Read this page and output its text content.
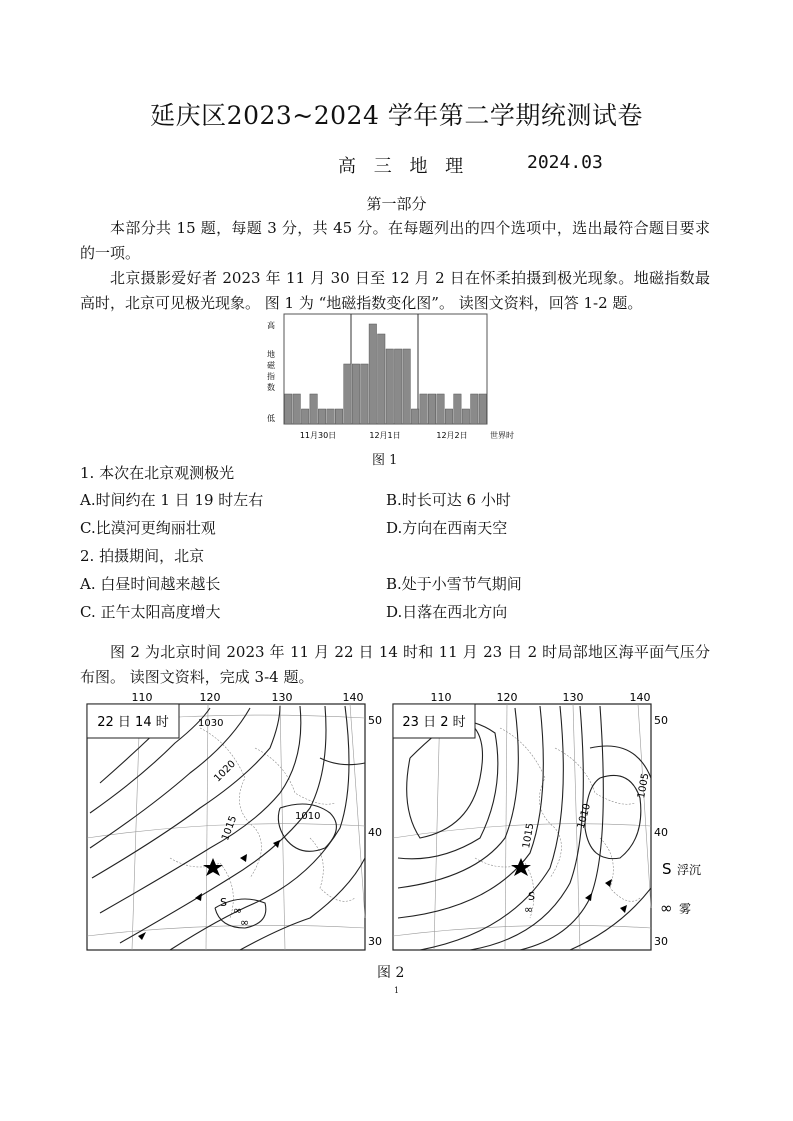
延庆区2023~2024 学年第二学期统测试卷
高 三 地 理	2024.03
第一部分
本部分共 15 题，每题 3 分，共 45 分。在每题列出的四个选项中，选出最符合题目要求的一项。
北京摄影爱好者 2023 年 11 月 30 日至 12 月 2 日在怀柔拍摄到极光现象。地磁指数最高时，北京可见极光现象。 图 1 为 “地磁指数变化图”。 读图文资料，回答 1-2 题。
高
地
磁
指
数
低
11月30日	12月1日	12月2日	世界时
图 1
1. 本次在北京观测极光
A.时间约在 1 日 19 时左右	B.时长可达 6 小时
C.比漠河更绚丽壮观	D.方向在西南天空
2. 拍摄期间，北京
A. 白昼时间越来越长	B.处于小雪节气期间
C. 正午太阳高度增大	D.日落在西北方向
图 2 为北京时间 2023 年 11 月 22 日 14 时和 11 月 23 日 2 时局部地区海平面气压分布图。 读图文资料，完成 3-4 题。
110	120	130	140	110	120	130	140
1030
1020
1015	1010
S
∞
∞
22 日 14 时
1010
1015
1005
S
∞
23 日 2 时	50
40
30
50
40
30
S 浮沉
∞ 雾
图 2
1
